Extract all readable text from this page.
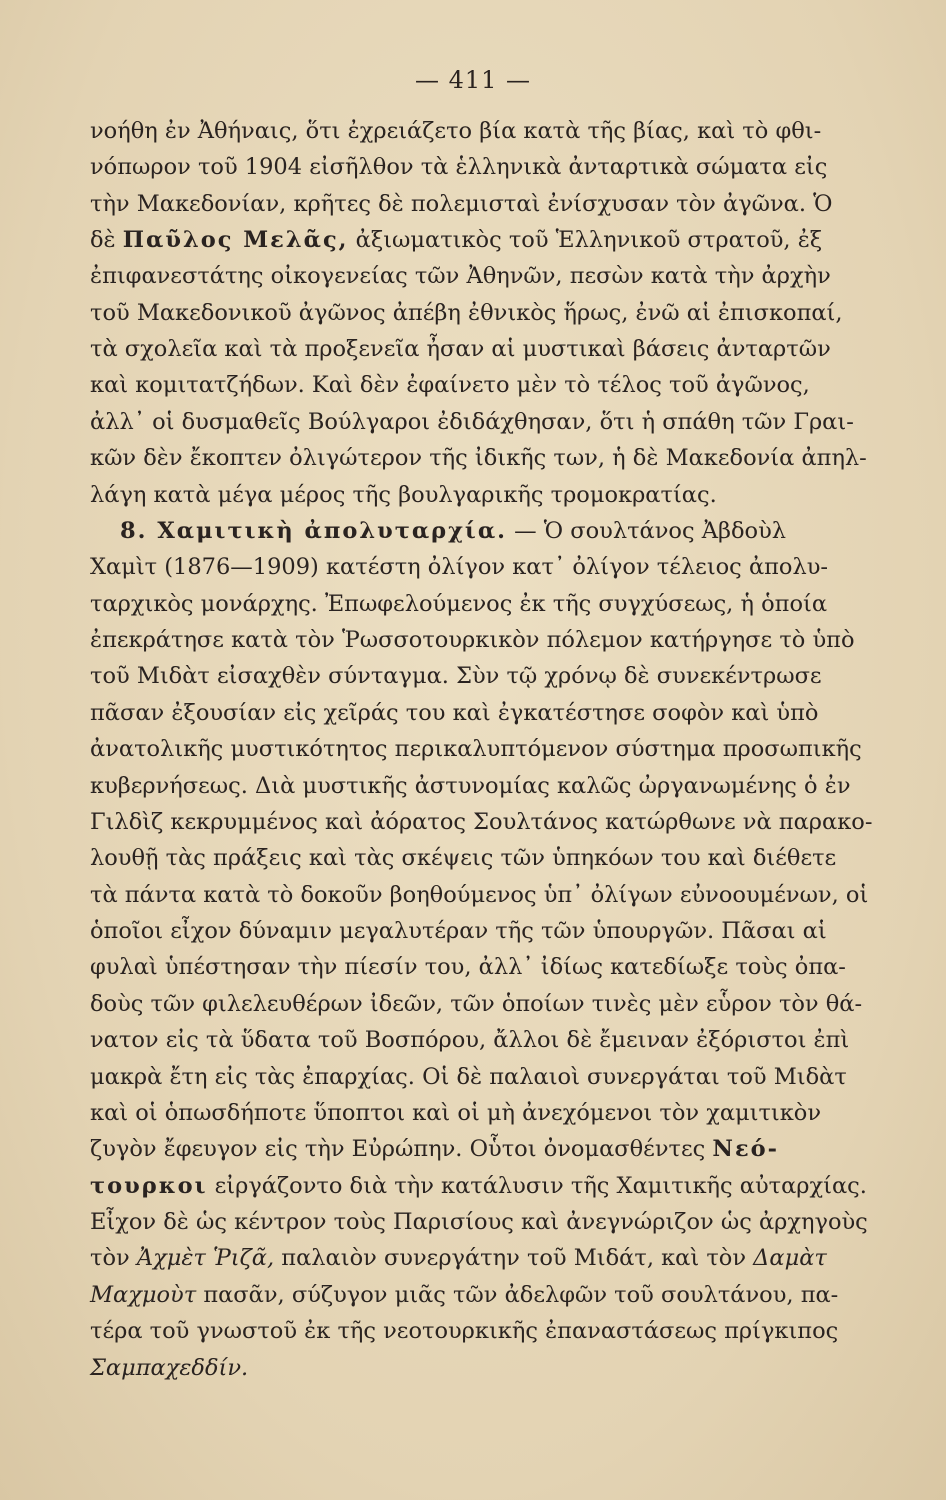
— 411 —
νοήθη ἐν Ἀθήναις, ὅτι ἐχρειάζετο βία κατὰ τῆς βίας, καὶ τὸ φθι-
νόπωρον τοῦ 1904 εἰσῆλθον τὰ ἑλληνικὰ ἀνταρτικὰ σώματα εἰς
τὴν Μακεδονίαν, κρῆτες δὲ πολεμισταὶ ἐνίσχυσαν τὸν ἀγῶνα. Ὁ
δὲ Παῦλος Μελᾶς, ἀξιωματικὸς τοῦ Ἑλληνικοῦ στρατοῦ, ἐξ
ἐπιφανεστάτης οἰκογενείας τῶν Ἀθηνῶν, πεσὼν κατὰ τὴν ἀρχὴν
τοῦ Μακεδονικοῦ ἀγῶνος ἀπέβη ἐθνικὸς ἥρως, ἐνῶ αἱ ἐπισκοπαί,
τὰ σχολεῖα καὶ τὰ προξενεῖα ἦσαν αἱ μυστικαὶ βάσεις ἀνταρτῶν
καὶ κομιτατζήδων. Καὶ δὲν ἐφαίνετο μὲν τὸ τέλος τοῦ ἀγῶνος,
ἀλλ᾽ οἱ δυσμαθεῖς Βούλγαροι ἐδιδάχθησαν, ὅτι ἡ σπάθη τῶν Γραι-
κῶν δὲν ἔκοπτεν ὀλιγώτερον τῆς ἰδικῆς των, ἡ δὲ Μακεδονία ἀπηλ-
λάγη κατὰ μέγα μέρος τῆς βουλγαρικῆς τρομοκρατίας.
8. Χαμιτικὴ ἀπολυταρχία. — Ὁ σουλτάνος Ἀβδοὺλ
Χαμὶτ (1876—1909) κατέστη ὀλίγον κατ᾽ ὀλίγον τέλειος ἀπολυ-
ταρχικὸς μονάρχης. Ἐπωφελούμενος ἐκ τῆς συγχύσεως, ἡ ὁποία
ἐπεκράτησε κατὰ τὸν Ῥωσσοτουρκικὸν πόλεμον κατήργησε τὸ ὑπὸ
τοῦ Μιδὰτ εἰσαχθὲν σύνταγμα. Σὺν τῷ χρόνῳ δὲ συνεκέντρωσε
πᾶσαν ἐξουσίαν εἰς χεῖράς του καὶ ἐγκατέστησε σοφὸν καὶ ὑπὸ
ἀνατολικῆς μυστικότητος περικαλυπτόμενον σύστημα προσωπικῆς
κυβερνήσεως. Διὰ μυστικῆς ἀστυνομίας καλῶς ὠργανωμένης ὁ ἐν
Γιλδὶζ κεκρυμμένος καὶ ἀόρατος Σουλτάνος κατώρθωνε νὰ παρακο-
λουθῇ τὰς πράξεις καὶ τὰς σκέψεις τῶν ὑπηκόων του καὶ διέθετε
τὰ πάντα κατὰ τὸ δοκοῦν βοηθούμενος ὑπ᾽ ὀλίγων εὐνοουμένων, οἱ
ὁποῖοι εἶχον δύναμιν μεγαλυτέραν τῆς τῶν ὑπουργῶν. Πᾶσαι αἱ
φυλαὶ ὑπέστησαν τὴν πίεσίν του, ἀλλ᾽ ἰδίως κατεδίωξε τοὺς ὀπα-
δοὺς τῶν φιλελευθέρων ἰδεῶν, τῶν ὁποίων τινὲς μὲν εὗρον τὸν θά-
νατον εἰς τὰ ὕδατα τοῦ Βοσπόρου, ἄλλοι δὲ ἔμειναν ἐξόριστοι ἐπὶ
μακρὰ ἔτη εἰς τὰς ἐπαρχίας. Οἱ δὲ παλαιοὶ συνεργάται τοῦ Μιδὰτ
καὶ οἱ ὁπωσδήποτε ὕποπτοι καὶ οἱ μὴ ἀνεχόμενοι τὸν χαμιτικὸν
ζυγὸν ἔφευγον εἰς τὴν Εὐρώπην. Οὗτοι ὀνομασθέντες Νεό-
τουρκοι εἰργάζοντο διὰ τὴν κατάλυσιν τῆς Χαμιτικῆς αὐταρχίας.
Εἶχον δὲ ὡς κέντρον τοὺς Παρισίους καὶ ἀνεγνώριζον ὡς ἀρχηγοὺς
τὸν Ἀχμὲτ Ῥιζᾶ, παλαιὸν συνεργάτην τοῦ Μιδάτ, καὶ τὸν Δαμὰτ
Μαχμοὺτ πασᾶν, σύζυγον μιᾶς τῶν ἀδελφῶν τοῦ σουλτάνου, πα-
τέρα τοῦ γνωστοῦ ἐκ τῆς νεοτουρκικῆς ἐπαναστάσεως πρίγκιπος
Σαμπαχεδδίν.
